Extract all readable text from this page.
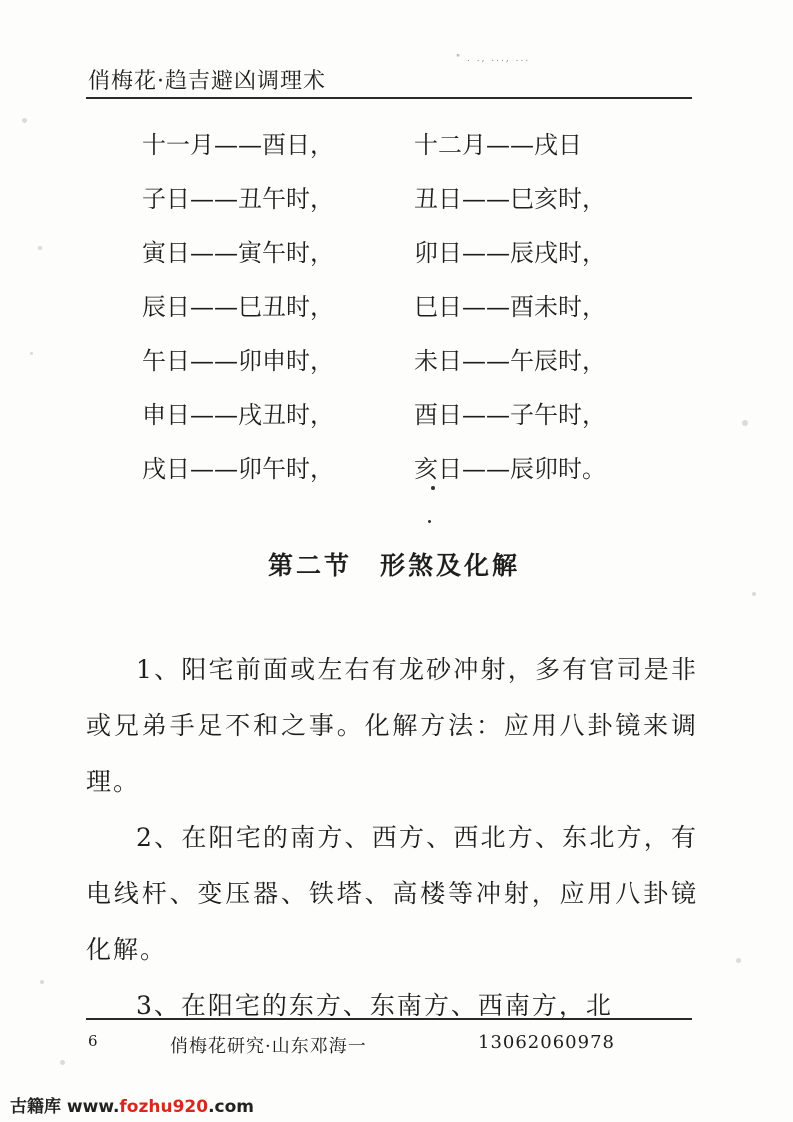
俏梅花·趋吉避凶调理术
" . ., ..., ...
十一月——酉日，	十二月——戌日
子日——丑午时，	丑日——巳亥时，
寅日——寅午时，	卯日——辰戌时，
辰日——巳丑时，	巳日——酉未时，
午日——卯申时，	未日——午辰时，
申日——戌丑时，	酉日——子午时，
戌日——卯午时，	亥日——辰卯时。
第二节　形煞及化解

1、阳宅前面或左右有龙砂冲射，多有官司是非或兄弟手足不和之事。化解方法：应用八卦镜来调理。

2、在阳宅的南方、西方、西北方、东北方，有电线杆、变压器、铁塔、高楼等冲射，应用八卦镜化解。

3、在阳宅的东方、东南方、西南方，北

6	俏梅花研究·山东邓海一	13062060978
古籍库 www.fozhu920.com
